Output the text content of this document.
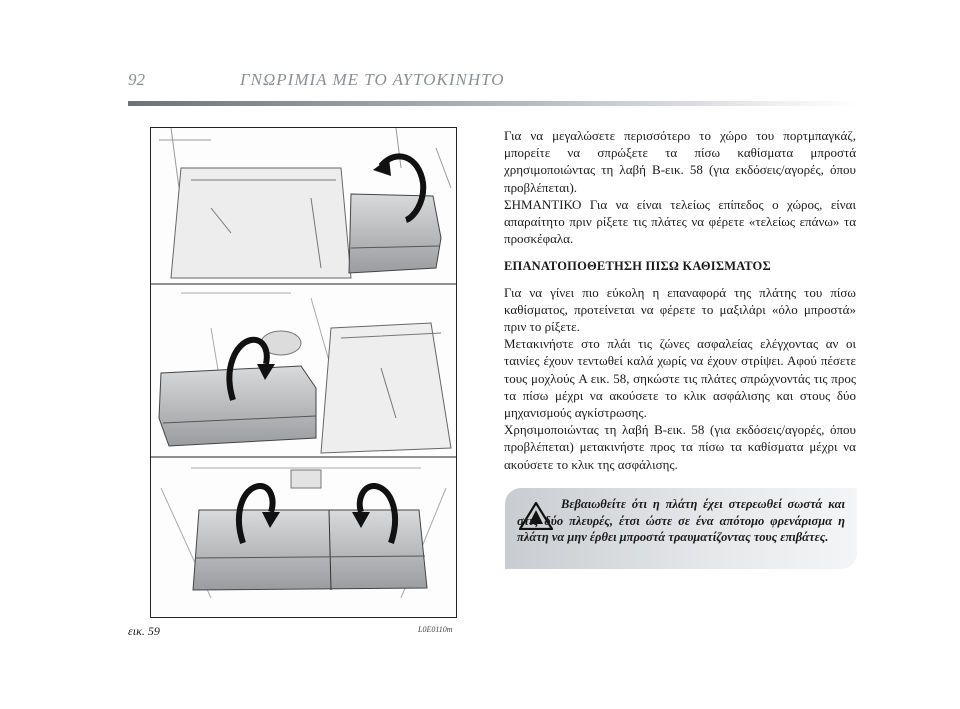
92	ΓΝΩΡΙΜΙΑ ΜΕ ΤΟ ΑΥΤΟΚΙΝΗΤΟ
εικ. 59	L0E0110m

Για να μεγαλώσετε περισσότερο το χώρο του πορτμπαγκάζ, μπορείτε να σπρώξετε τα πίσω καθίσματα μπροστά χρησιμοποιώντας τη λαβή B-εικ. 58 (για εκδόσεις/αγορές, όπου προβλέπεται).

ΣΗΜΑΝΤΙΚΟ Για να είναι τελείως επίπεδος ο χώρος, είναι απαραίτητο πριν ρίξετε τις πλάτες να φέρετε «τελείως επάνω» τα προσκέφαλα.

ΕΠΑΝΑΤΟΠΟΘΕΤΗΣΗ ΠΙΣΩ ΚΑΘΙΣΜΑΤΟΣ

Για να γίνει πιο εύκολη η επαναφορά της πλάτης του πίσω καθίσματος, προτείνεται να φέρετε το μαξιλάρι «όλο μπροστά» πριν το ρίξετε.

Μετακινήστε στο πλάι τις ζώνες ασφαλείας ελέγχοντας αν οι ταινίες έχουν τεντωθεί καλά χωρίς να έχουν στρίψει. Αφού πέσετε τους μοχλούς A εικ. 58, σηκώστε τις πλάτες σπρώχνοντάς τις προς τα πίσω μέχρι να ακούσετε το κλικ ασφάλισης και στους δύο μηχανισμούς αγκίστρωσης.

Χρησιμοποιώντας τη λαβή B-εικ. 58 (για εκδόσεις/αγορές, όπου προβλέπεται) μετακινήστε προς τα πίσω τα καθίσματα μέχρι να ακούσετε το κλικ της ασφάλισης.

Βεβαιωθείτε ότι η πλάτη έχει στερεωθεί σωστά και στις δύο πλευρές, έτσι ώστε σε ένα απότομο φρενάρισμα η πλάτη να μην έρθει μπροστά τραυματίζοντας τους επιβάτες.
